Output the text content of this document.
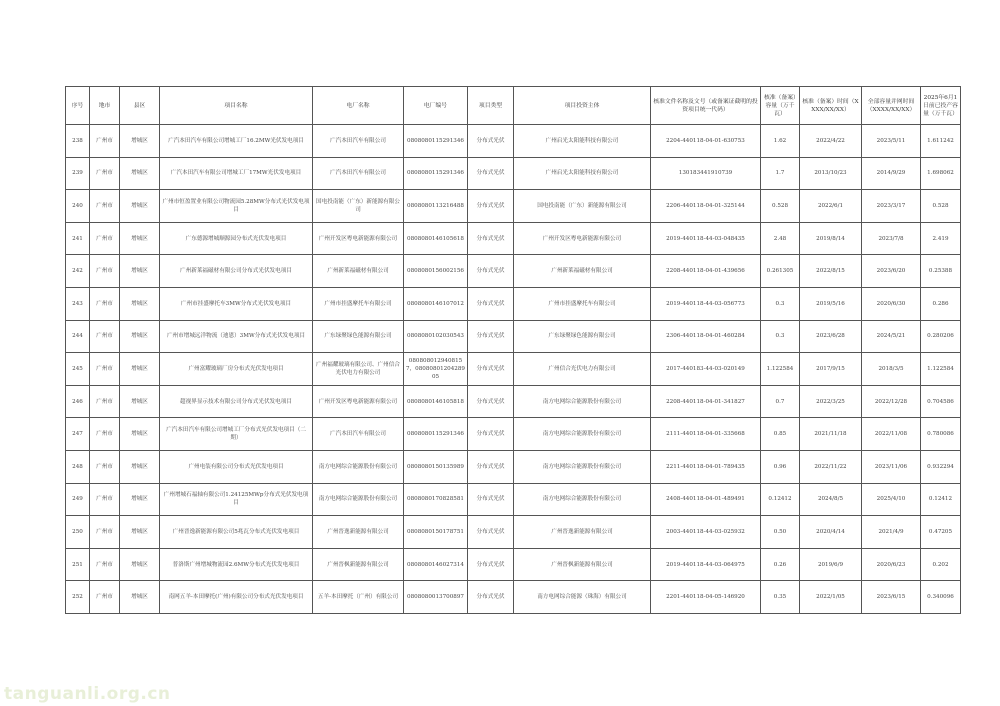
序号	地市	县区	项目名称	电厂名称	电厂编号	项目类型	项目投资主体	核准文件名称及文号（或备案证截明的投资项目统一代码）	核准（备案）容量（万千瓦）	核准（备案）时间（XXXX/XX/XX）	全部容量并网时间（XXXX/XX/XX）	2025年6月1日前已投产容量（万千瓦）
238	广州市	增城区	广汽本田汽车有限公司增城工厂16.2MW光伏发电项目	广汽本田汽车有限公司	0808080115291346	分布式光伏	广州启光太阳能科技有限公司	2204-440118-04-01-630753	1.62	2022/4/22	2023/5/11	1.611242
239	广州市	增城区	广汽本田汽车有限公司增城工厂17MW光伏发电项目	广汽本田汽车有限公司	0808080115291346	分布式光伏	广州启光太阳能科技有限公司	130183441910739	1.7	2013/10/23	2014/9/29	1.698062
240	广州市	增城区	广州市恒盈置业有限公司物流园5.28MW分布式光伏发电项目	国电投南能（广东）新能源有限公司	0808080113216488	分布式光伏	国电投南能（广东）新能源有限公司	2206-440118-04-01-325144	0.528	2022/6/1	2023/3/17	0.528
241	广州市	增城区	广东德源增城顺源园分布式光伏发电项目	广州开发区粤电新能源有限公司	0808080146105618	分布式光伏	广州开发区粤电新能源有限公司	2019-440118-44-03-048435	2.48	2019/8/14	2023/7/8	2.419
242	广州市	增城区	广州新莱福磁材有限公司分布式光伏发电项目	广州新莱福磁材有限公司	0808080156002156	分布式光伏	广州新莱福磁材有限公司	2208-440118-04-01-439656	0.261305	2022/8/15	2023/6/20	0.25388
243	广州市	增城区	广州市挂盛摩托车3MW分布式光伏发电项目	广州市挂盛摩托车有限公司	0808080146107012	分布式光伏	广州市挂盛摩托车有限公司	2019-440118-44-03-056773	0.3	2019/5/16	2020/6/30	0.286
244	广州市	增城区	广州市增城远洋物流（迪恩）3MW分布式光伏发电项目	广东绿聚绿色能源有限公司	0808080102030543	分布式光伏	广东绿聚绿色能源有限公司	2306-440118-04-01-460284	0.3	2023/6/28	2024/5/21	0.280206
245	广州市	增城区	广州富耀玻璃厂房分布式光伏发电项目	广州福耀玻璃有限公司、广州信合光伏电力有限公司	0808080129408157，0808080120428905	分布式光伏	广州信合光伏电力有限公司	2017-440183-44-03-020149	1.122584	2017/9/15	2018/3/5	1.122584
246	广州市	增城区	超视界显示技术有限公司分布式光伏发电项目	广州开发区粤电新能源有限公司	0808080146105818	分布式光伏	南方电网综合能源股份有限公司	2208-440118-04-01-341827	0.7	2022/3/25	2022/12/28	0.704586
247	广州市	增城区	广汽本田汽车有限公司增城工厂分布式光伏发电项目（二期）	广汽本田汽车有限公司	0808080115291346	分布式光伏	南方电网综合能源股份有限公司	2111-440118-04-01-335668	0.85	2021/11/18	2022/11/08	0.780086
248	广州市	增城区	广州电装有限公司分布式光伏发电项目	南方电网综合能源股份有限公司	0808080150135989	分布式光伏	南方电网综合能源股份有限公司	2211-440118-04-01-789435	0.96	2022/11/22	2023/11/06	0.932294
249	广州市	增城区	广州增城石福轴有限公司1.24125MWp分布式光伏发电项目	南方电网综合能源股份有限公司	0808080170828581	分布式光伏	南方电网综合能源股份有限公司	2408-440118-04-01-489491	0.12412	2024/8/5	2025/4/10	0.12412
250	广州市	增城区	广州晋逸新能源有限公司5兆瓦分布式光伏发电项目	广州晋逸新能源有限公司	0808080150178751	分布式光伏	广州晋逸新能源有限公司	2003-440118-44-03-025932	0.50	2020/4/14	2021/4/9	0.47205
251	广州市	增城区	普洛斯广州增城物流园2.6MW分布式光伏发电项目	广州晋枫新能源有限公司	0808080146027314	分布式光伏	广州晋枫新能源有限公司	2019-440118-44-03-064975	0.26	2019/6/9	2020/6/23	0.202
252	广州市	增城区	南网五羊-本田摩托(广州)有限公司分布式光伏发电项目	五羊-本田摩托（广州）有限公司	0808080013700897	分布式光伏	南方电网综合能源（珠海）有限公司	2201-440118-04-05-146920	0.35	2022/1/05	2023/6/15	0.340096
tanguanli.org.cn
